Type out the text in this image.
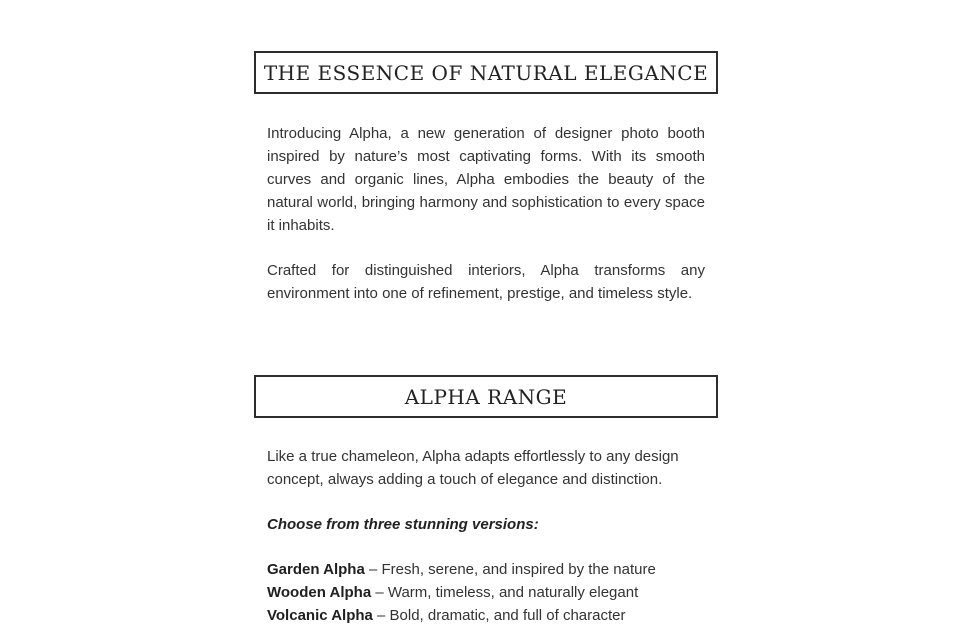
THE ESSENCE OF NATURAL ELEGANCE

Introducing Alpha, a new generation of designer photo booth inspired by nature’s most captivating forms. With its smooth curves and organic lines, Alpha embodies the beauty of the natural world, bringing harmony and sophistication to every space it inhabits.

Crafted for distinguished interiors, Alpha transforms any environment into one of refinement, prestige, and timeless style.

ALPHA RANGE

Like a true chameleon, Alpha adapts effortlessly to any design concept, always adding a touch of elegance and distinction.

Choose from three stunning versions:

Garden Alpha – Fresh, serene, and inspired by the nature

Wooden Alpha – Warm, timeless, and naturally elegant

Volcanic Alpha – Bold, dramatic, and full of character
